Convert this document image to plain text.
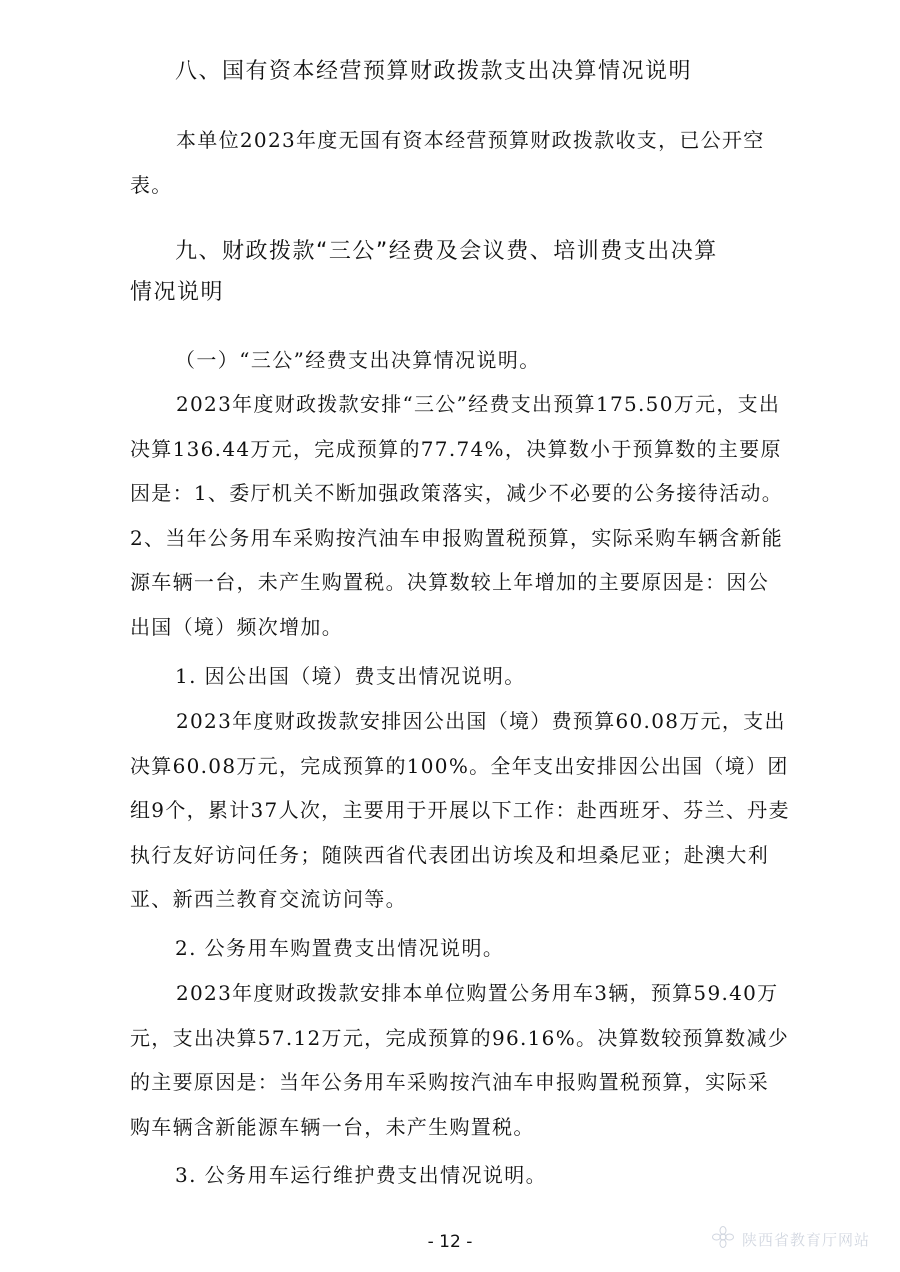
八、国有资本经营预算财政拨款支出决算情况说明
本单位2023年度无国有资本经营预算财政拨款收支，已公开空表。
九、财政拨款“三公”经费及会议费、培训费支出决算
情况说明
（一）“三公”经费支出决算情况说明。
2023年度财政拨款安排“三公”经费支出预算175.50万元，支出决算136.44万元，完成预算的77.74%，决算数小于预算数的主要原因是：1、委厅机关不断加强政策落实，减少不必要的公务接待活动。2、当年公务用车采购按汽油车申报购置税预算，实际采购车辆含新能源车辆一台，未产生购置税。决算数较上年增加的主要原因是：因公出国（境）频次增加。
1. 因公出国（境）费支出情况说明。
2023年度财政拨款安排因公出国（境）费预算60.08万元，支出决算60.08万元，完成预算的100%。全年支出安排因公出国（境）团组9个，累计37人次，主要用于开展以下工作：赴西班牙、芬兰、丹麦执行友好访问任务；随陕西省代表团出访埃及和坦桑尼亚；赴澳大利亚、新西兰教育交流访问等。
2. 公务用车购置费支出情况说明。
2023年度财政拨款安排本单位购置公务用车3辆，预算59.40万元，支出决算57.12万元，完成预算的96.16%。决算数较预算数减少的主要原因是：当年公务用车采购按汽油车申报购置税预算，实际采购车辆含新能源车辆一台，未产生购置税。
3. 公务用车运行维护费支出情况说明。
- 12 -	陕西省教育厅网站
